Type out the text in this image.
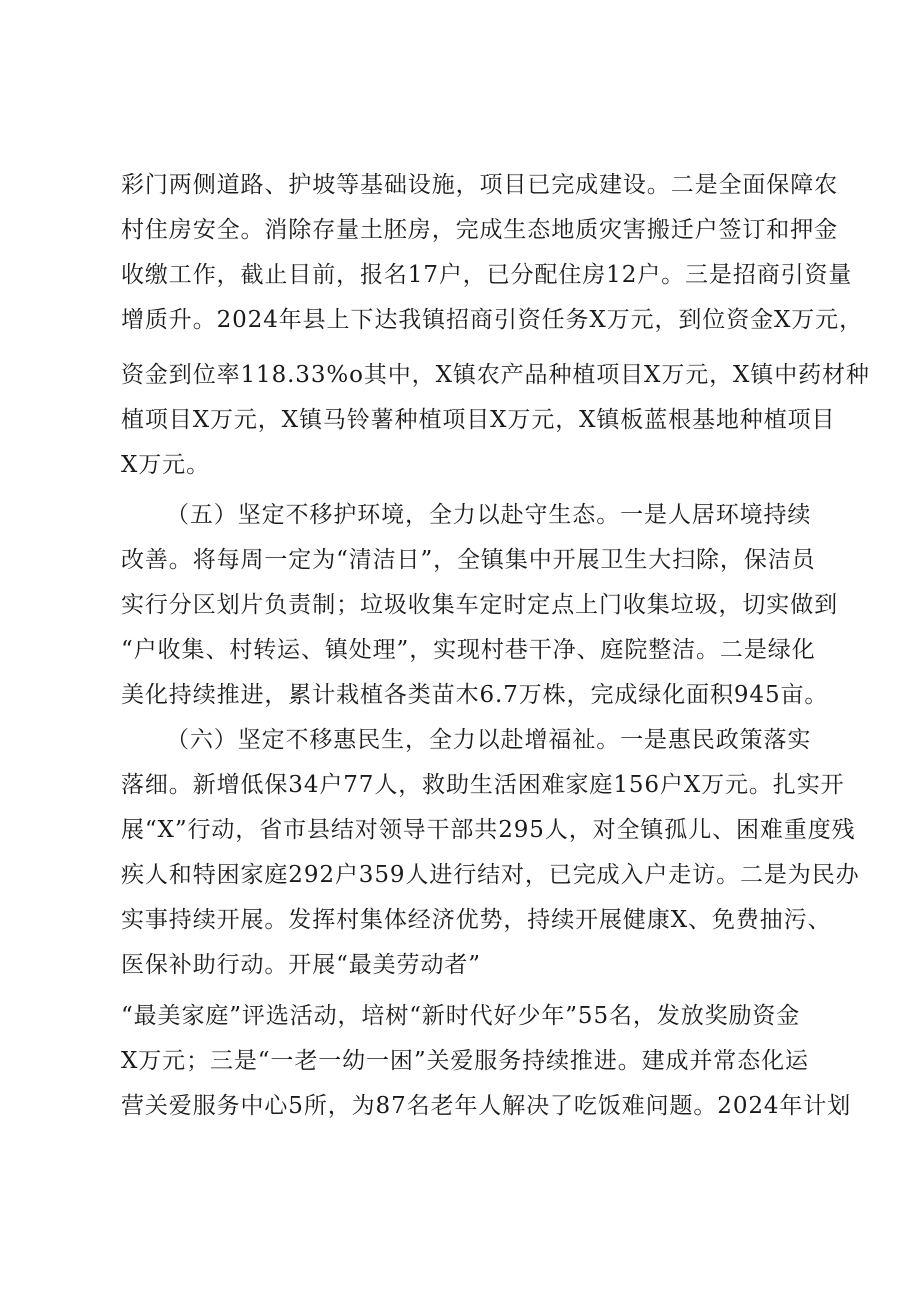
彩门两侧道路、护坡等基础设施，项目已完成建设。二是全面保障农
村住房安全。消除存量土胚房，完成生态地质灾害搬迁户签订和押金
收缴工作，截止目前，报名17户，已分配住房12户。三是招商引资量
增质升。2024年县上下达我镇招商引资任务X万元，到位资金X万元，
资金到位率118.33%o其中，X镇农产品种植项目X万元，X镇中药材种
植项目X万元，X镇马铃薯种植项目X万元，X镇板蓝根基地种植项目
X万元。
（五）坚定不移护环境，全力以赴守生态。一是人居环境持续
改善。将每周一定为“清洁日”，全镇集中开展卫生大扫除，保洁员
实行分区划片负责制；垃圾收集车定时定点上门收集垃圾，切实做到
“户收集、村转运、镇处理”，实现村巷干净、庭院整洁。二是绿化
美化持续推进，累计栽植各类苗木6.7万株，完成绿化面积945亩。
（六）坚定不移惠民生，全力以赴增福祉。一是惠民政策落实
落细。新增低保34户77人，救助生活困难家庭156户X万元。扎实开
展“X”行动，省市县结对领导干部共295人，对全镇孤儿、困难重度残
疾人和特困家庭292户359人进行结对，已完成入户走访。二是为民办
实事持续开展。发挥村集体经济优势，持续开展健康X、免费抽污、
医保补助行动。开展“最美劳动者”
“最美家庭”评选活动，培树“新时代好少年”55名，发放奖励资金
X万元；三是“一老一幼一困”关爱服务持续推进。建成并常态化运
营关爱服务中心5所，为87名老年人解决了吃饭难问题。2024年计划
